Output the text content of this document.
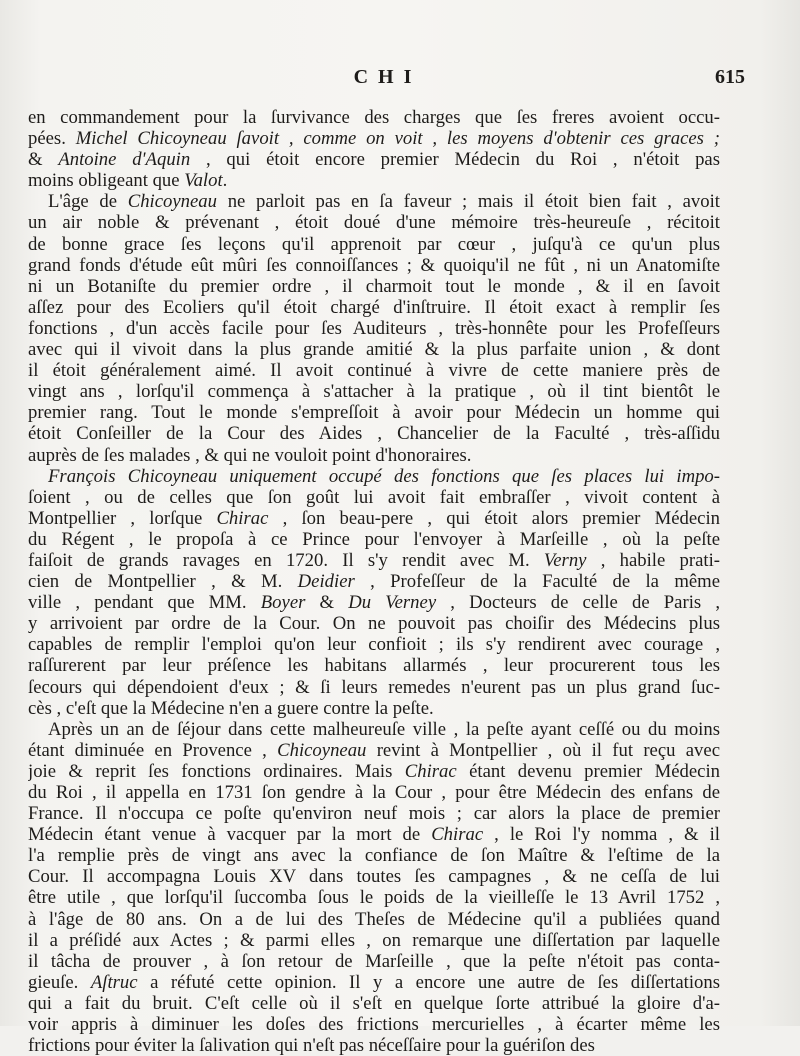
CHI	615

en commandement pour la ſurvivance des charges que ſes freres avoient occu-
pées. Michel Chicoyneau ſavoit , comme on voit , les moyens d'obtenir ces graces ;
& Antoine d'Aquin , qui étoit encore premier Médecin du Roi , n'étoit pas
moins obligeant que Valot.

L'âge de Chicoyneau ne parloit pas en ſa faveur ; mais il étoit bien fait , avoit
un air noble & prévenant , étoit doué d'une mémoire très-heureuſe , récitoit
de bonne grace ſes leçons qu'il apprenoit par cœur , juſqu'à ce qu'un plus
grand fonds d'étude eût mûri ſes connoiſſances ; & quoiqu'il ne fût , ni un Anatomiſte
ni un Botaniſte du premier ordre , il charmoit tout le monde , & il en ſavoit
aſſez pour des Ecoliers qu'il étoit chargé d'inſtruire. Il étoit exact à remplir ſes
fonctions , d'un accès facile pour ſes Auditeurs , très-honnête pour les Profeſſeurs
avec qui il vivoit dans la plus grande amitié & la plus parfaite union , & dont
il étoit généralement aimé. Il avoit continué à vivre de cette maniere près de
vingt ans , lorſqu'il commença à s'attacher à la pratique , où il tint bientôt le
premier rang. Tout le monde s'empreſſoit à avoir pour Médecin un homme qui
étoit Conſeiller de la Cour des Aides , Chancelier de la Faculté , très-aſſidu
auprès de ſes malades , & qui ne vouloit point d'honoraires.

François Chicoyneau uniquement occupé des fonctions que ſes places lui impo-
ſoient , ou de celles que ſon goût lui avoit fait embraſſer , vivoit content à
Montpellier , lorſque Chirac , ſon beau-pere , qui étoit alors premier Médecin
du Régent , le propoſa à ce Prince pour l'envoyer à Marſeille , où la peſte
faiſoit de grands ravages en 1720. Il s'y rendit avec M. Verny , habile prati-
cien de Montpellier , & M. Deidier , Profeſſeur de la Faculté de la même
ville , pendant que MM. Boyer & Du Verney , Docteurs de celle de Paris ,
y arrivoient par ordre de la Cour. On ne pouvoit pas choiſir des Médecins plus
capables de remplir l'emploi qu'on leur confioit ; ils s'y rendirent avec courage ,
raſſurerent par leur préſence les habitans allarmés , leur procurerent tous les
ſecours qui dépendoient d'eux ; & ſi leurs remedes n'eurent pas un plus grand ſuc-
cès , c'eſt que la Médecine n'en a guere contre la peſte.

Après un an de ſéjour dans cette malheureuſe ville , la peſte ayant ceſſé ou du moins
étant diminuée en Provence , Chicoyneau revint à Montpellier , où il fut reçu avec
joie & reprit ſes fonctions ordinaires. Mais Chirac étant devenu premier Médecin
du Roi , il appella en 1731 ſon gendre à la Cour , pour être Médecin des enfans de
France. Il n'occupa ce poſte qu'environ neuf mois ; car alors la place de premier
Médecin étant venue à vacquer par la mort de Chirac , le Roi l'y nomma , & il
l'a remplie près de vingt ans avec la confiance de ſon Maître & l'eſtime de la
Cour. Il accompagna Louis XV dans toutes ſes campagnes , & ne ceſſa de lui
être utile , que lorſqu'il ſuccomba ſous le poids de la vieilleſſe le 13 Avril 1752 ,
à l'âge de 80 ans. On a de lui des Theſes de Médecine qu'il a publiées quand
il a préſidé aux Actes ; & parmi elles , on remarque une diſſertation par laquelle
il tâcha de prouver , à ſon retour de Marſeille , que la peſte n'étoit pas conta-
gieuſe. Aſtruc a réfuté cette opinion. Il y a encore une autre de ſes diſſertations
qui a fait du bruit. C'eſt celle où il s'eſt en quelque ſorte attribué la gloire d'a-
voir appris à diminuer les doſes des frictions mercurielles , à écarter même les
frictions pour éviter la ſalivation qui n'eſt pas néceſſaire pour la guériſon des
